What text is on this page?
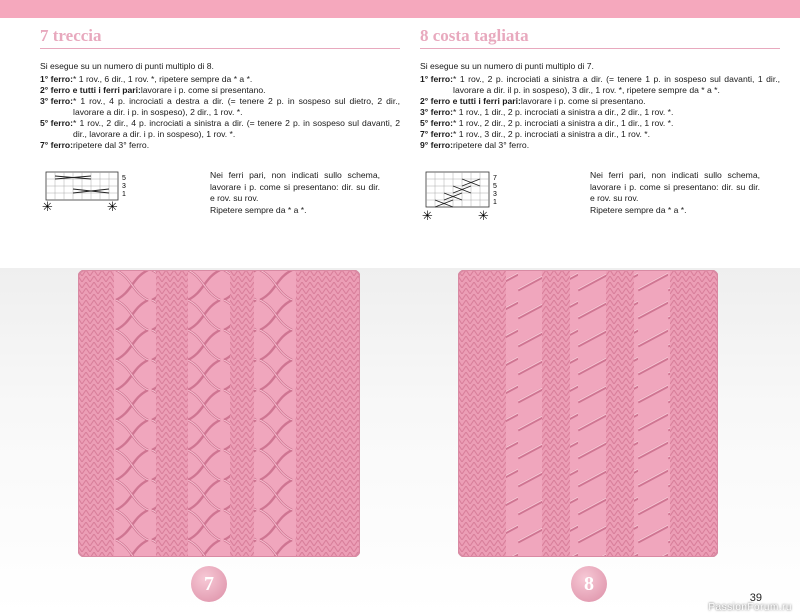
7 treccia
Si esegue su un numero di punti multiplo di 8.
1° ferro: * 1 rov., 6 dir., 1 rov. *, ripetere sempre da * a *.
2° ferro e tutti i ferri pari: lavorare i p. come si presentano.
3° ferro: * 1 rov., 4 p. incrociati a destra a dir. (= tenere 2 p. in sospeso sul dietro, 2 dir., lavorare a dir. i p. in sospeso), 2 dir., 1 rov. *.
5° ferro: * 1 rov., 2 dir., 4 p. incrociati a sinistra a dir. (= tenere 2 p. in sospeso sul davanti, 2 dir., lavorare a dir. i p. in sospeso), 1 rov. *.
7° ferro: ripetere dal 3° ferro.
✳	✳
5
3
1
Nei ferri pari, non indicati sullo schema, lavorare i p. come si presentano: dir. su dir. e rov. su rov.
Ripetere sempre da * a *.
8 costa tagliata
Si esegue su un numero di punti multiplo di 7.
1° ferro: * 1 rov., 2 p. incrociati a sinistra a dir. (= tenere 1 p. in sospeso sul davanti, 1 dir., lavorare a dir. il p. in sospeso), 3 dir., 1 rov. *, ripetere sempre da * a *.
2° ferro e tutti i ferri pari: lavorare i p. come si presentano.
3° ferro: * 1 rov., 1 dir., 2 p. incrociati a sinistra a dir., 2 dir., 1 rov. *.
5° ferro: * 1 rov., 2 dir., 2 p. incrociati a sinistra a dir., 1 dir., 1 rov. *.
7° ferro: * 1 rov., 3 dir., 2 p. incrociati a sinistra a dir., 1 rov. *.
9° ferro: ripetere dal 3° ferro.
✳	✳
7
5
3
1
Nei ferri pari, non indicati sullo schema, lavorare i p. come si presentano: dir. su dir. e rov. su rov.
Ripetere sempre da * a *.
7	8
39
PassionForum.ru
